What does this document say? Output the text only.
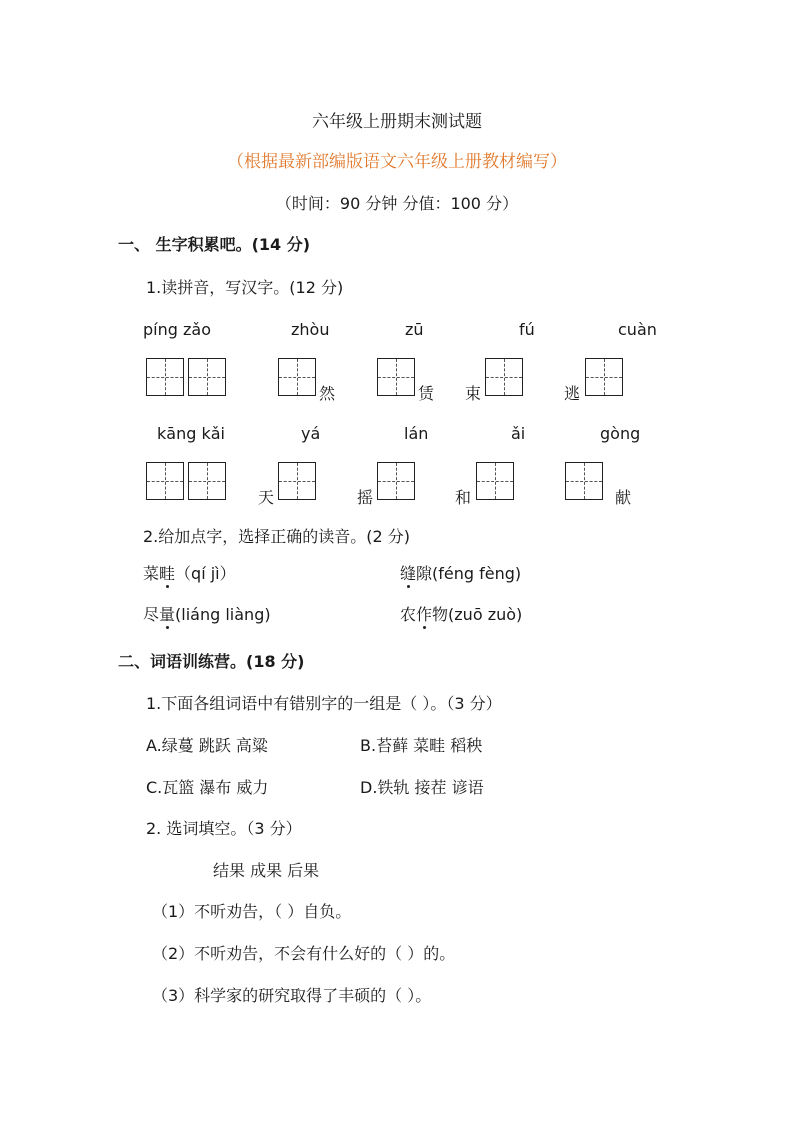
六年级上册期末测试题
（根据最新部编版语文六年级上册教材编写）
（时间：90 分钟 分值：100 分）
一、 生字积累吧。(14 分)
1.读拼音，写汉字。(12 分)
píng zǎo	zhòu	zū	fú	cuàn
然	赁 束	逃
kāng kǎi	yá	lán	ǎi	gòng
天	摇	和	献
2.给加点字，选择正确的读音。(2 分)
菜畦（qí jì）	缝隙(féng fèng)
尽量(liáng liàng)	农作物(zuō zuò)
二、词语训练营。(18 分)
1.下面各组词语中有错别字的一组是（ ）。（3 分）
A.绿蔓 跳跃 高粱	B.苔藓 菜畦 稻秧
C.瓦篮 瀑布 威力	D.铁轨 接茬 谚语
2. 选词填空。（3 分）
结果 成果 后果
（1）不听劝告，（ ）自负。
（2）不听劝告，不会有什么好的（ ）的。
（3）科学家的研究取得了丰硕的（ ）。
